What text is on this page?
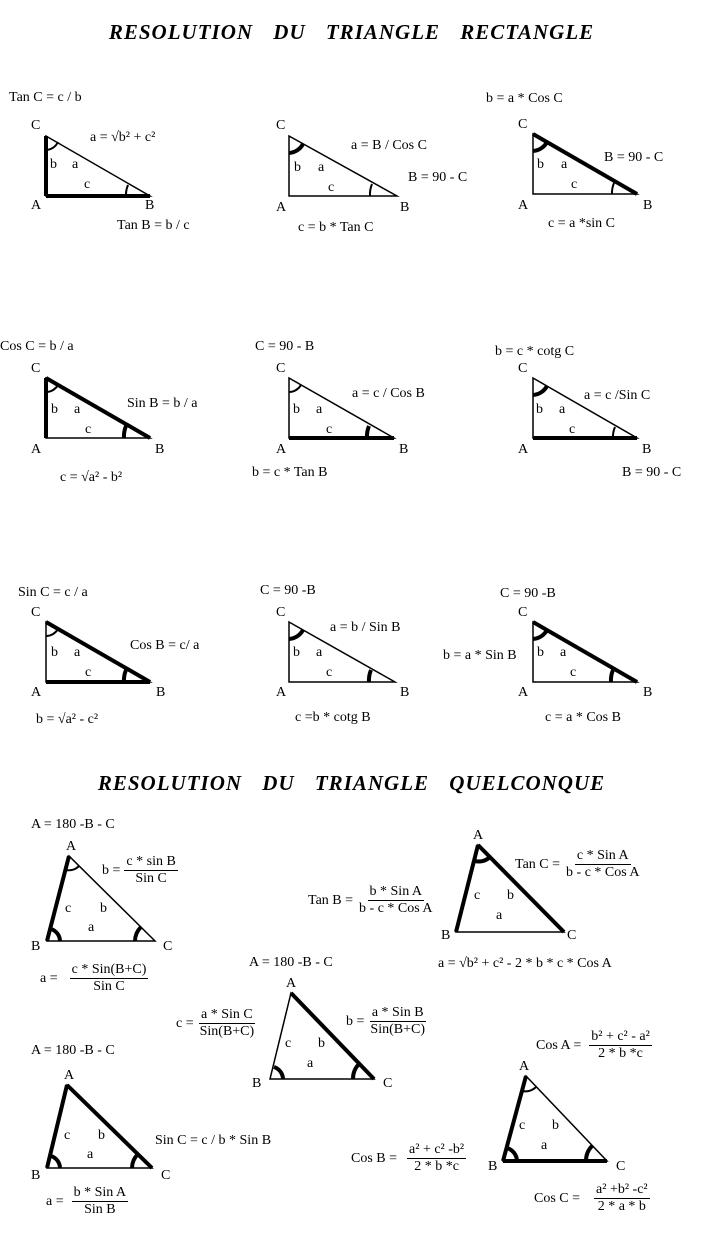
RESOLUTION DU TRIANGLE RECTANGLE
RESOLUTION DU TRIANGLE QUELCONQUE
C
A	B
b a
c
Tan C = c / b
a = √b² + c²
Tan B = b / c
C
A	B
b a
c
a = B / Cos C
B = 90 - C
c = b * Tan C
C
A	B
b a
c
b = a * Cos C
B = 90 - C
c = a *sin C
C
A	B
b a
c
Cos C = b / a
Sin B = b / a
c = √a² - b²
C
A	B
b a
c
C = 90 - B
a = c / Cos B
b = c * Tan B
C
A	B
b a
c
b = c * cotg C
a = c /Sin C
B = 90 - C
C
A	B
b a
c
Sin C = c / a
Cos B = c/ a
b = √a² - c²
C
A	B
b a
c
C = 90 -B
a = b / Sin B
c =b * cotg B
C
A	B
b a
c
C = 90 -B
b = a * Sin B
c = a * Cos B
A
B	C
c b
a
A = 180 -B - C
$b = \frac{\text{c * sin B}}{\text{Sin C}}$
$a = \frac{\text{c * Sin(B+C)}}{\text{Sin C}}$
A
B	C
c b
a
Tan $C = \frac{\text{c * Sin A}}{\text{b - c * Cos A}}$
Tan $B = \frac{\text{b * Sin A}}{\text{b - c * Cos A}}$
a = √b² + c² - 2 * b * c * Cos A
A
B	C
c b
a
A = 180 -B - C
$c = \frac{\text{a * Sin C}}{\text{Sin(B+C)}}$	$b = \frac{\text{a * Sin B}}{\text{Sin(B+C)}}$
A
B	C
c b
a
A = 180 -B - C
Sin C = c / b * Sin B
$a = \frac{\text{b * Sin A}}{\text{Sin B}}$
A
B	C
c b
a
Cos $A = \frac{\text{b² + c² - a²}}{2 * b *c}$
Cos $B = \frac{\text{a² + c² -b²}}{2 * b *c}$
Cos $C = \frac{\text{a² +b² -c²}}{2 * a * b}$
